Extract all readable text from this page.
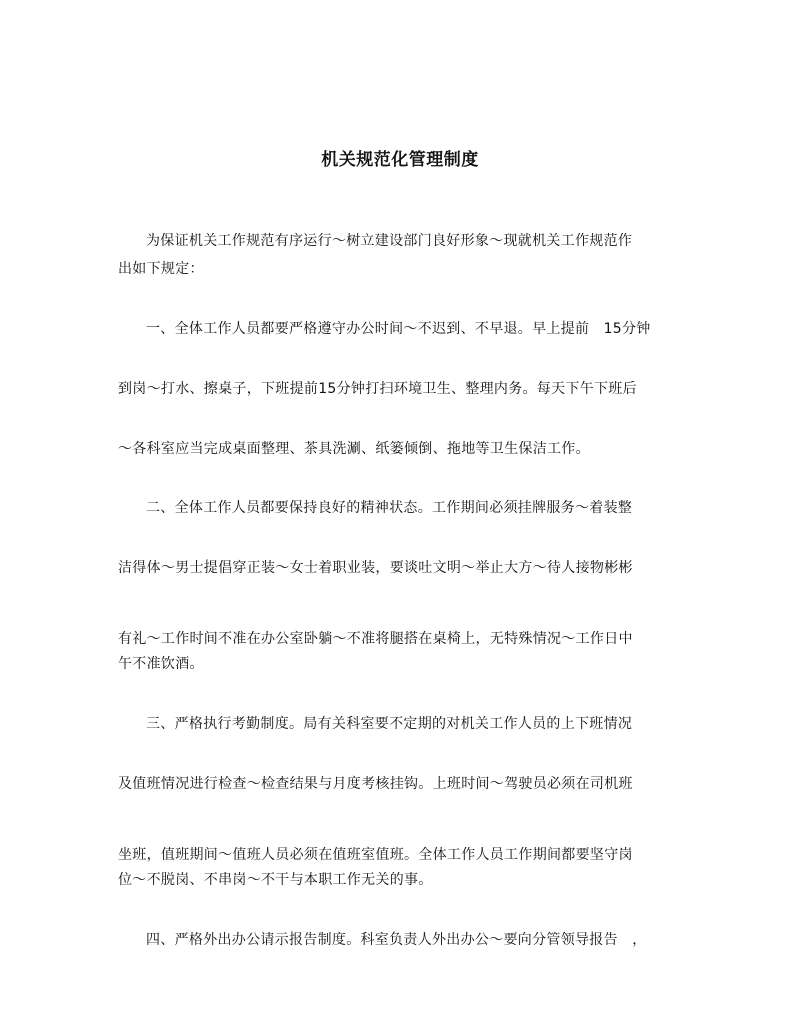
机关规范化管理制度
为保证机关工作规范有序运行～树立建设部门良好形象～现就机关工作规范作
出如下规定：
一、全体工作人员都要严格遵守办公时间～不迟到、不早退。早上提前　15分钟
到岗～打水、擦桌子，下班提前15分钟打扫环境卫生、整理内务。每天下午下班后
～各科室应当完成桌面整理、茶具洗涮、纸篓倾倒、拖地等卫生保洁工作。
二、全体工作人员都要保持良好的精神状态。工作期间必须挂牌服务～着装整
洁得体～男士提倡穿正装～女士着职业装，要谈吐文明～举止大方～待人接物彬彬
有礼～工作时间不准在办公室卧躺～不准将腿搭在桌椅上，无特殊情况～工作日中
午不准饮酒。
三、严格执行考勤制度。局有关科室要不定期的对机关工作人员的上下班情况
及值班情况进行检查～检查结果与月度考核挂钩。上班时间～驾驶员必须在司机班
坐班，值班期间～值班人员必须在值班室值班。全体工作人员工作期间都要坚守岗
位～不脱岗、不串岗～不干与本职工作无关的事。
四、严格外出办公请示报告制度。科室负责人外出办公～要向分管领导报告　，
